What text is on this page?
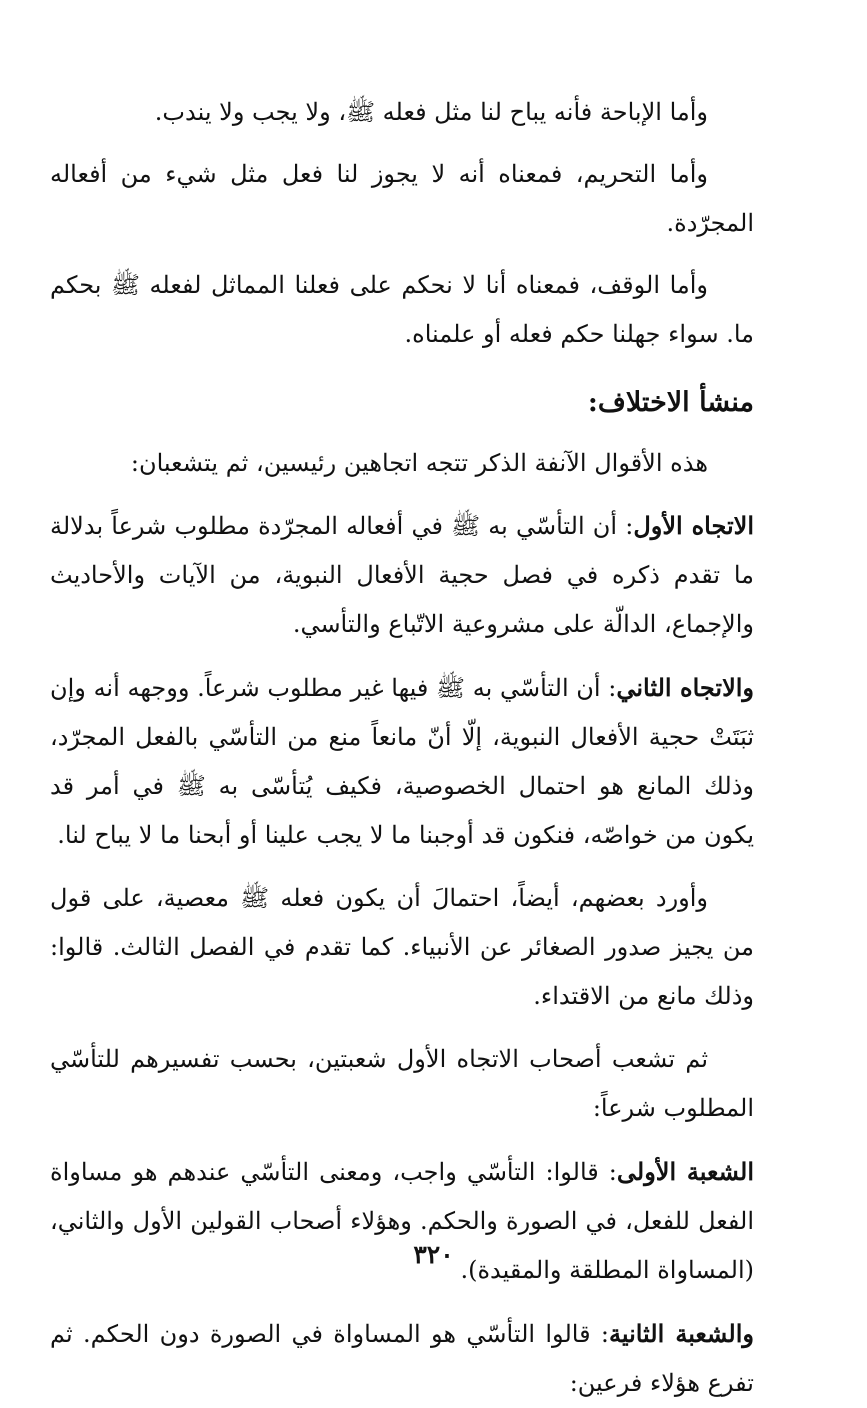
وأما الإباحة فأنه يباح لنا مثل فعله ﷺ، ولا يجب ولا يندب.

وأما التحريم، فمعناه أنه لا يجوز لنا فعل مثل شيء من أفعاله المجرّدة.

وأما الوقف، فمعناه أنا لا نحكم على فعلنا المماثل لفعله ﷺ بحكم ما. سواء جهلنا حكم فعله أو علمناه.

منشأ الاختلاف:

هذه الأقوال الآنفة الذكر تتجه اتجاهين رئيسين، ثم يتشعبان:

الاتجاه الأول: أن التأسّي به ﷺ في أفعاله المجرّدة مطلوب شرعاً بدلالة ما تقدم ذكره في فصل حجية الأفعال النبوية، من الآيات والأحاديث والإجماع، الدالّة على مشروعية الاتّباع والتأسي.

والاتجاه الثاني: أن التأسّي به ﷺ فيها غير مطلوب شرعاً. ووجهه أنه وإن ثبَتَتْ حجية الأفعال النبوية، إلّا أنّ مانعاً منع من التأسّي بالفعل المجرّد، وذلك المانع هو احتمال الخصوصية، فكيف يُتأسّى به ﷺ في أمر قد يكون من خواصّه، فنكون قد أوجبنا ما لا يجب علينا أو أبحنا ما لا يباح لنا.

وأورد بعضهم، أيضاً، احتمالَ أن يكون فعله ﷺ معصية، على قول من يجيز صدور الصغائر عن الأنبياء. كما تقدم في الفصل الثالث. قالوا: وذلك مانع من الاقتداء.

ثم تشعب أصحاب الاتجاه الأول شعبتين، بحسب تفسيرهم للتأسّي المطلوب شرعاً:

الشعبة الأولى: قالوا: التأسّي واجب، ومعنى التأسّي عندهم هو مساواة الفعل للفعل، في الصورة والحكم. وهؤلاء أصحاب القولين الأول والثاني، (المساواة المطلقة والمقيدة).

والشعبة الثانية: قالوا التأسّي هو المساواة في الصورة دون الحكم. ثم تفرع هؤلاء فرعين:

٣٢٠
